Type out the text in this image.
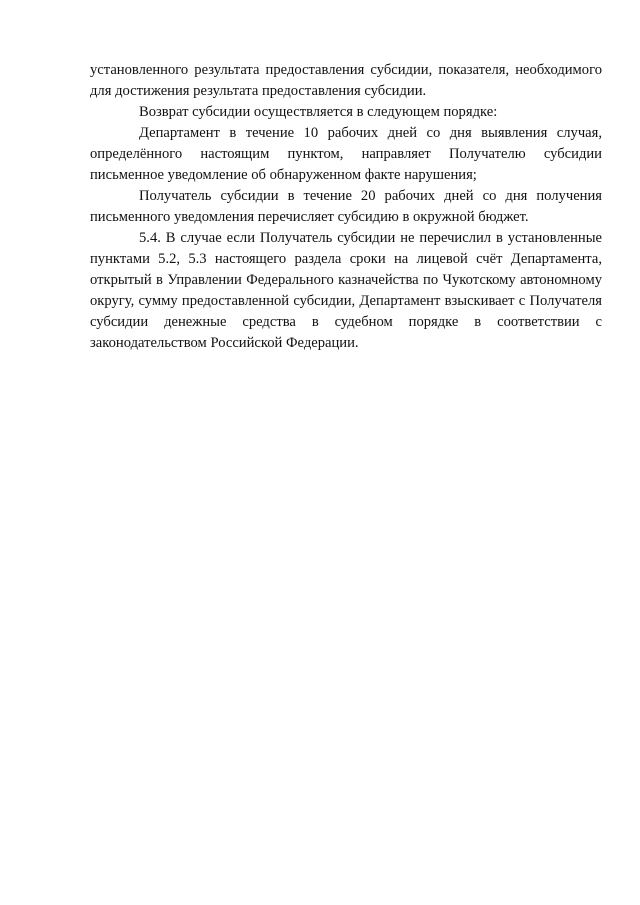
установленного результата предоставления субсидии, показателя, необходимого для достижения результата предоставления субсидии.

Возврат субсидии осуществляется в следующем порядке:

Департамент в течение 10 рабочих дней со дня выявления случая, определённого настоящим пунктом, направляет Получателю субсидии письменное уведомление об обнаруженном факте нарушения;

Получатель субсидии в течение 20 рабочих дней со дня получения письменного уведомления перечисляет субсидию в окружной бюджет.

5.4. В случае если Получатель субсидии не перечислил в установленные пунктами 5.2, 5.3 настоящего раздела сроки на лицевой счёт Департамента, открытый в Управлении Федерального казначейства по Чукотскому автономному округу, сумму предоставленной субсидии, Департамент взыскивает с Получателя субсидии денежные средства в судебном порядке в соответствии с законодательством Российской Федерации.
